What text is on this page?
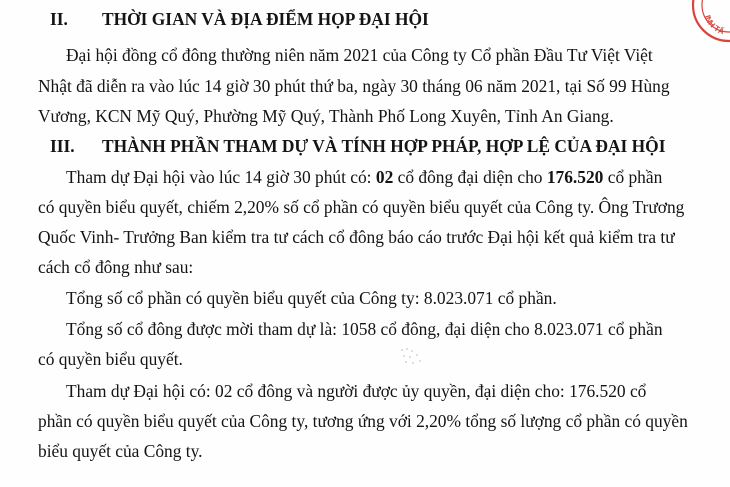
II. THỜI GIAN VÀ ĐỊA ĐIỂM HỌP ĐẠI HỘI
Đại hội đồng cổ đông thường niên năm 2021 của Công ty Cổ phần Đầu Tư Việt Việt
Nhật đã diễn ra vào lúc 14 giờ 30 phút thứ ba, ngày 30 tháng 06 năm 2021, tại Số 99 Hùng
Vương, KCN Mỹ Quý, Phường Mỹ Quý, Thành Phố Long Xuyên, Tỉnh An Giang.
III. THÀNH PHẦN THAM DỰ VÀ TÍNH HỢP PHÁP, HỢP LỆ CỦA ĐẠI HỘI
Tham dự Đại hội vào lúc 14 giờ 30 phút có: 02 cổ đông đại diện cho 176.520 cổ phần
có quyền biểu quyết, chiếm 2,20% số cổ phần có quyền biểu quyết của Công ty. Ông Trương
Quốc Vinh- Trưởng Ban kiểm tra tư cách cổ đông báo cáo trước Đại hội kết quả kiểm tra tư
cách cổ đông như sau:
Tổng số cổ phần có quyền biểu quyết của Công ty: 8.023.071 cổ phần.
Tổng số cổ đông được mời tham dự là: 1058 cổ đông, đại diện cho 8.023.071 cổ phần
có quyền biểu quyết.
Tham dự Đại hội có: 02 cổ đông và người được ủy quyền, đại diện cho: 176.520 cổ
phần có quyền biểu quyết của Công ty, tương ứng với 2,20% tổng số lượng cổ phần có quyền
biểu quyết của Công ty.
INH TẤ
